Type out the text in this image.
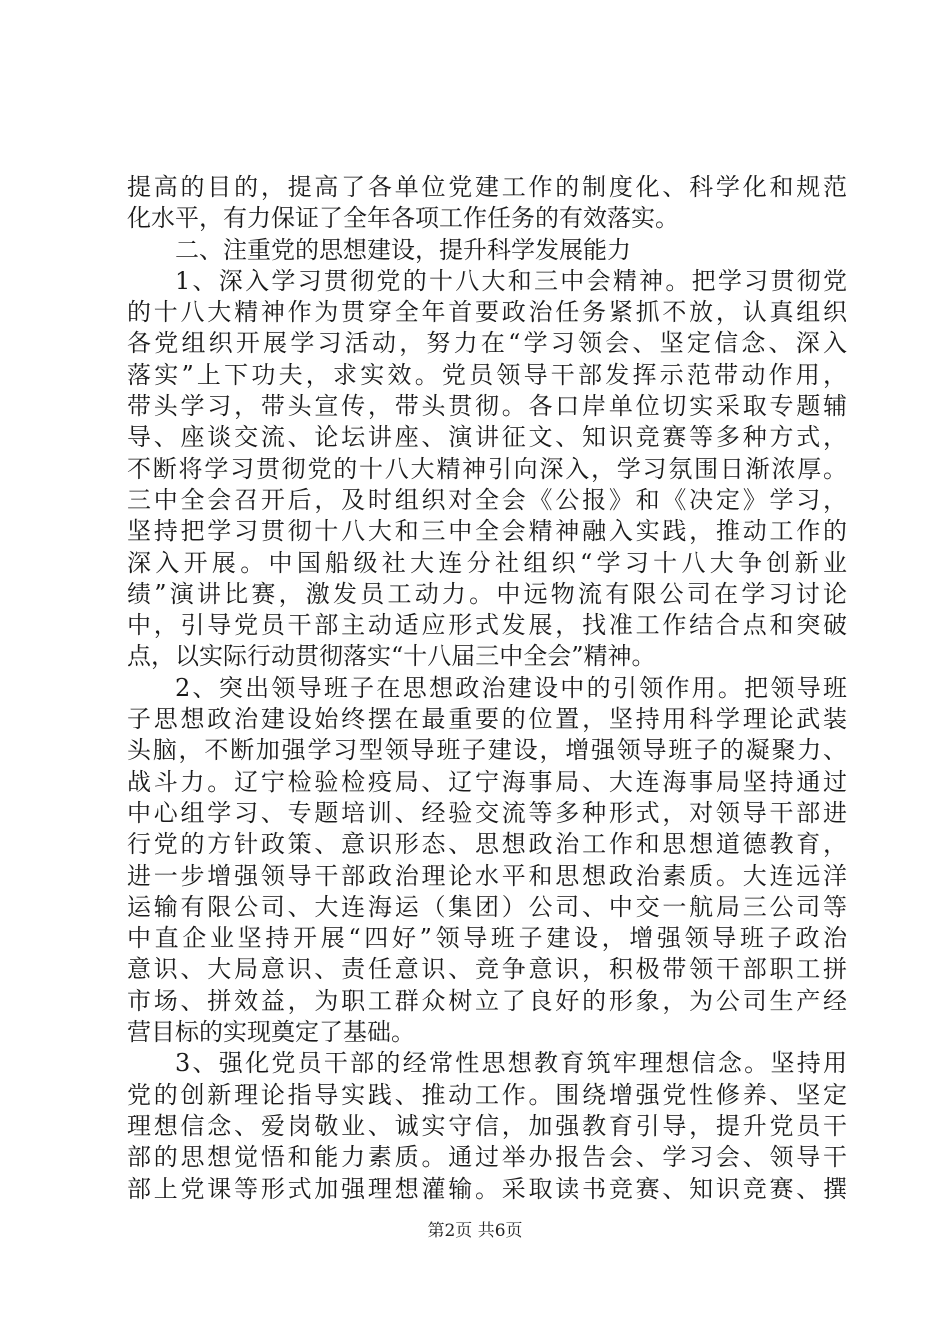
提高的目的，提高了各单位党建工作的制度化、科学化和规范
化水平，有力保证了全年各项工作任务的有效落实。
二、注重党的思想建设，提升科学发展能力
1、深入学习贯彻党的十八大和三中会精神。把学习贯彻党
的十八大精神作为贯穿全年首要政治任务紧抓不放，认真组织
各党组织开展学习活动，努力在“学习领会、坚定信念、深入
落实”上下功夫，求实效。党员领导干部发挥示范带动作用，
带头学习，带头宣传，带头贯彻。各口岸单位切实采取专题辅
导、座谈交流、论坛讲座、演讲征文、知识竞赛等多种方式，
不断将学习贯彻党的十八大精神引向深入，学习氛围日渐浓厚。
三中全会召开后，及时组织对全会《公报》和《决定》学习，
坚持把学习贯彻十八大和三中全会精神融入实践，推动工作的
深入开展。中国船级社大连分社组织“学习十八大争创新业
绩”演讲比赛，激发员工动力。中远物流有限公司在学习讨论
中，引导党员干部主动适应形式发展，找准工作结合点和突破
点，以实际行动贯彻落实“十八届三中全会”精神。
2、突出领导班子在思想政治建设中的引领作用。把领导班
子思想政治建设始终摆在最重要的位置，坚持用科学理论武装
头脑，不断加强学习型领导班子建设，增强领导班子的凝聚力、
战斗力。辽宁检验检疫局、辽宁海事局、大连海事局坚持通过
中心组学习、专题培训、经验交流等多种形式，对领导干部进
行党的方针政策、意识形态、思想政治工作和思想道德教育，
进一步增强领导干部政治理论水平和思想政治素质。大连远洋
运输有限公司、大连海运（集团）公司、中交一航局三公司等
中直企业坚持开展“四好”领导班子建设，增强领导班子政治
意识、大局意识、责任意识、竞争意识，积极带领干部职工拼
市场、拼效益，为职工群众树立了良好的形象，为公司生产经
营目标的实现奠定了基础。
3、强化党员干部的经常性思想教育筑牢理想信念。坚持用
党的创新理论指导实践、推动工作。围绕增强党性修养、坚定
理想信念、爱岗敬业、诚实守信，加强教育引导，提升党员干
部的思想觉悟和能力素质。通过举办报告会、学习会、领导干
部上党课等形式加强理想灌输。采取读书竞赛、知识竞赛、撰
第2页 共6页
